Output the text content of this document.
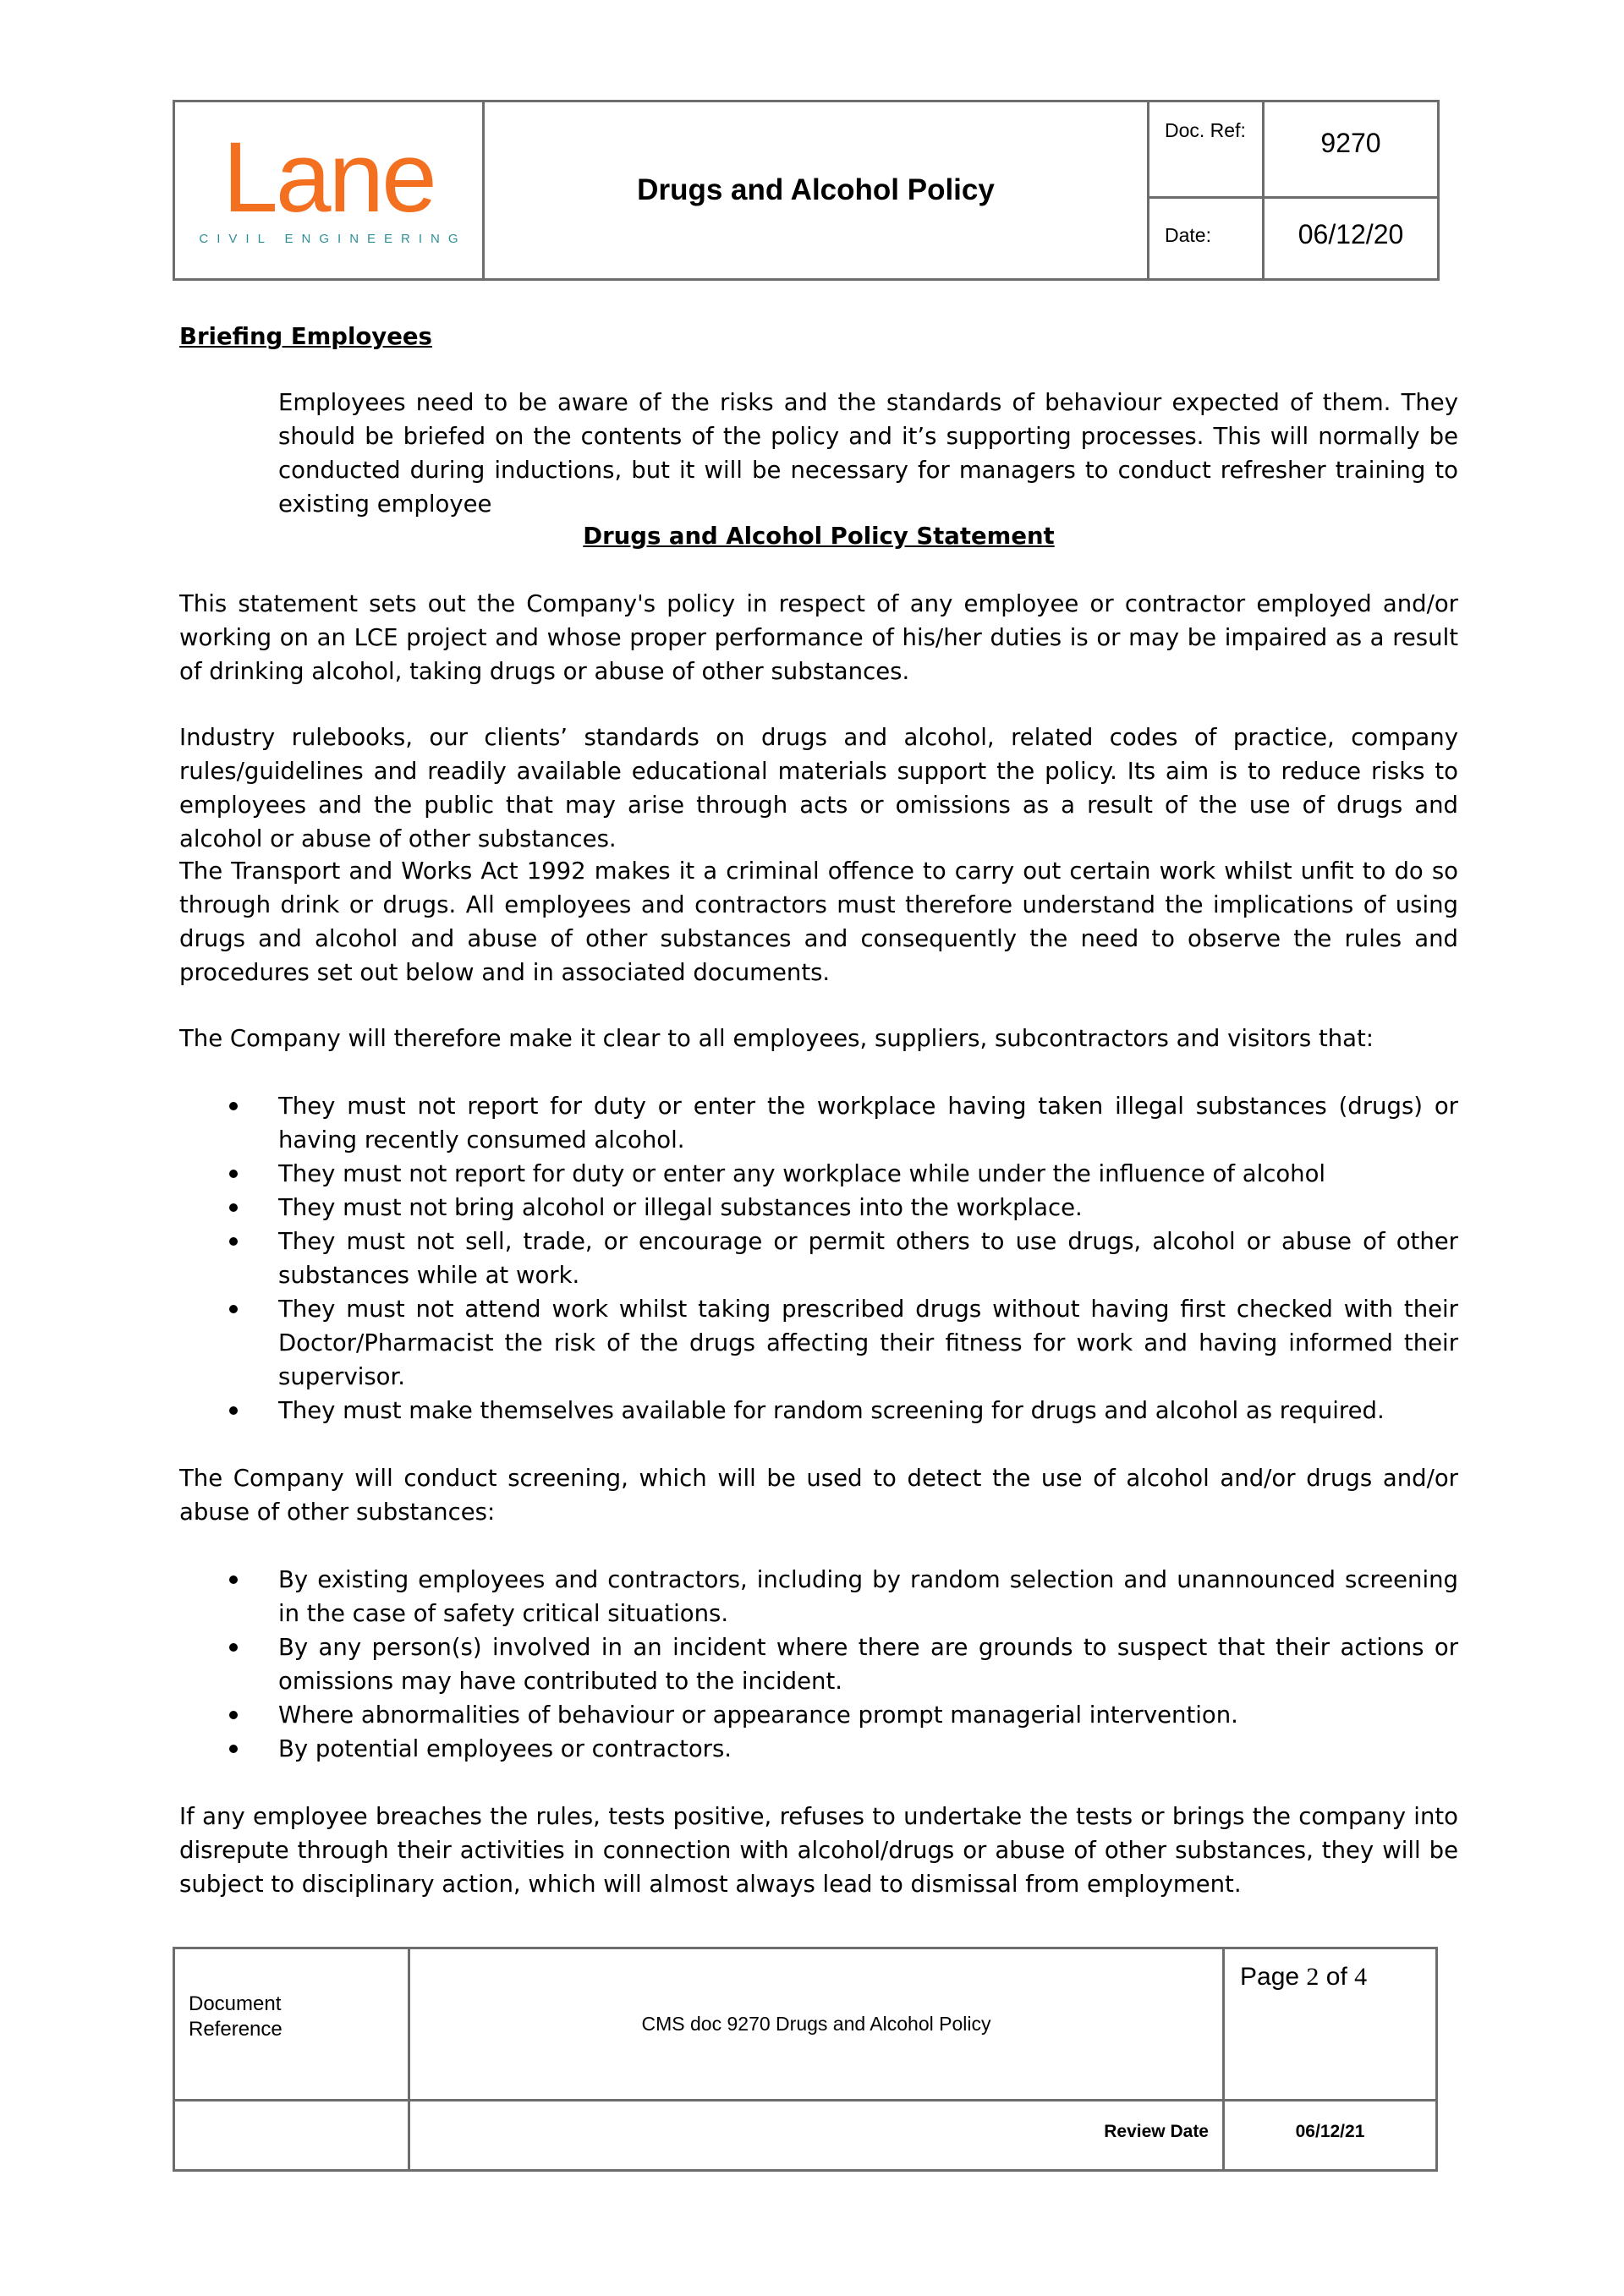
Lane
CIVIL ENGINEERING
Drugs and Alcohol Policy
Doc. Ref:	9270
Date:	06/12/20
Briefing Employees
Employees need to be aware of the risks and the standards of behaviour expected of them. They should be briefed on the contents of the policy and it’s supporting processes. This will normally be conducted during inductions, but it will be necessary for managers to conduct refresher training to existing employee
Drugs and Alcohol Policy Statement
This statement sets out the Company's policy in respect of any employee or contractor employed and/or working on an LCE project and whose proper performance of his/her duties is or may be impaired as a result of drinking alcohol, taking drugs or abuse of other substances.
Industry rulebooks, our clients’ standards on drugs and alcohol, related codes of practice, company rules/guidelines and readily available educational materials support the policy. Its aim is to reduce risks to employees and the public that may arise through acts or omissions as a result of the use of drugs and alcohol or abuse of other substances.
The Transport and Works Act 1992 makes it a criminal offence to carry out certain work whilst unfit to do so through drink or drugs. All employees and contractors must therefore understand the implications of using drugs and alcohol and abuse of other substances and consequently the need to observe the rules and procedures set out below and in associated documents.
The Company will therefore make it clear to all employees, suppliers, subcontractors and visitors that:
They must not report for duty or enter the workplace having taken illegal substances (drugs) or having recently consumed alcohol.
They must not report for duty or enter any workplace while under the influence of alcohol
They must not bring alcohol or illegal substances into the workplace.
They must not sell, trade, or encourage or permit others to use drugs, alcohol or abuse of other substances while at work.
They must not attend work whilst taking prescribed drugs without having first checked with their Doctor/Pharmacist the risk of the drugs affecting their fitness for work and having informed their supervisor.
They must make themselves available for random screening for drugs and alcohol as required.
The Company will conduct screening, which will be used to detect the use of alcohol and/or drugs and/or abuse of other substances:
By existing employees and contractors, including by random selection and unannounced screening in the case of safety critical situations.
By any person(s) involved in an incident where there are grounds to suspect that their actions or omissions may have contributed to the incident.
Where abnormalities of behaviour or appearance prompt managerial intervention.
By potential employees or contractors.
If any employee breaches the rules, tests positive, refuses to undertake the tests or brings the company into disrepute through their activities in connection with alcohol/drugs or abuse of other substances, they will be subject to disciplinary action, which will almost always lead to dismissal from employment.
Document
Reference	CMS doc 9270 Drugs and Alcohol Policy
Page 2 of 4
Review Date	06/12/21
